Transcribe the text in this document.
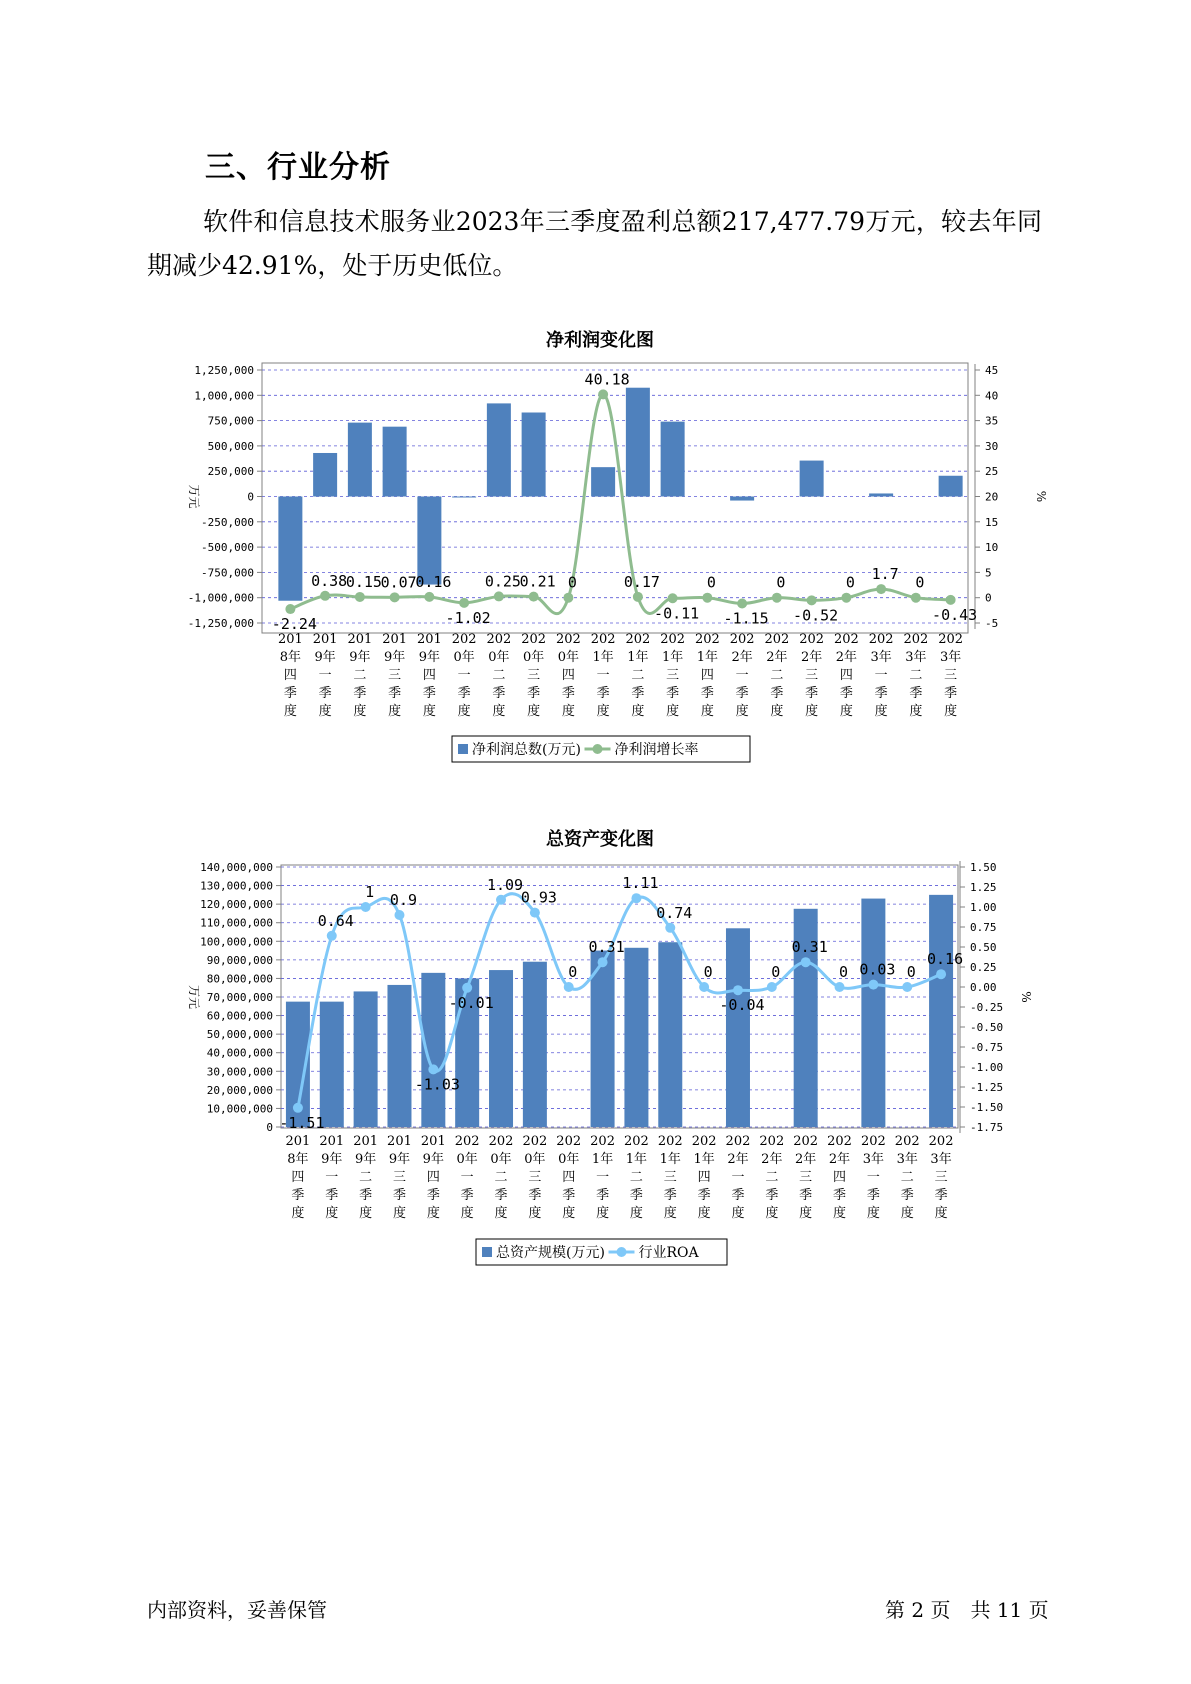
三、行业分析
软件和信息技术服务业2023年三季度盈利总额217,477.79万元，较去年同期减少42.91%，处于历史低位。
净利润变化图
总资产变化图
1,250,000
1,000,000
750,000
500,000
250,000
0
-250,000
-500,000
-750,000
-1,000,000
-1,250,000
45
40
35
30
25
20
15
10
5
0
-5
万元	%
-2.24
0.38
0.15
0.07
0.16
-1.02
0.25
0.21 0
40.18
0.17
-0.11
0
-1.15
0
-0.52
0 1.7 0
-0.43
201 8年四季度
201 9年一季度
201 9年二季度
201 9年三季度
201 9年四季度
202 0年一季度
202 0年二季度
202 0年三季度
202 0年四季度
202 1年一季度
202 1年二季度
202 1年三季度
202 1年四季度
202 2年一季度
202 2年二季度
202 2年三季度
202 2年四季度
202 3年一季度
202 3年二季度
202 3年三季度
净利润总数(万元) 净利润增长率
140,000,000
130,000,000
120,000,000
110,000,000
100,000,000
90,000,000
80,000,000
70,000,000
60,000,000
50,000,000
40,000,000
30,000,000
20,000,000
10,000,000
0
1.50
1.25
1.00
0.75
0.50
0.25
0.00
-0.25
-0.50
-0.75
-1.00
-1.25
-1.50
-1.75
万元	%
-1.51
0.64
1 0.9
-1.03
-0.01
1.09
0.93
0
0.31
1.11
0.74
0
-0.04
0
0.31
0 0.03 0
0.16
201 8年四季度
201 9年一季度
201 9年二季度
201 9年三季度
201 9年四季度
202 0年一季度
202 0年二季度
202 0年三季度
202 0年四季度
202 1年一季度
202 1年二季度
202 1年三季度
202 1年四季度
202 2年一季度
202 2年二季度
202 2年三季度
202 2年四季度
202 3年一季度
202 3年二季度
202 3年三季度
总资产规模(万元) 行业ROA
内部资料，妥善保管	第 2 页　共 11 页
